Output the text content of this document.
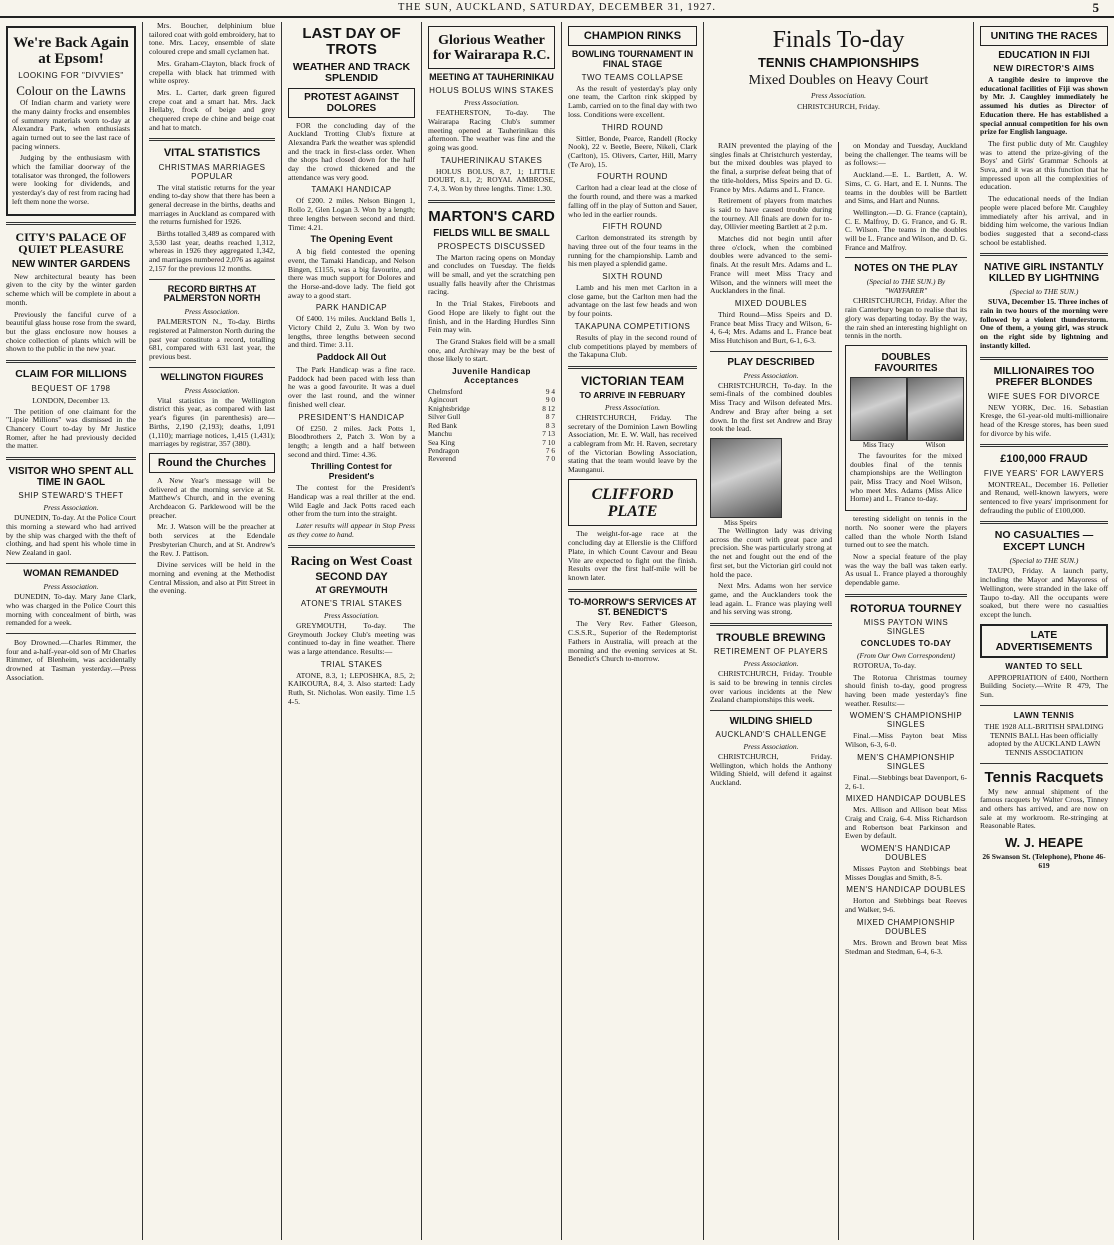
THE SUN, AUCKLAND, SATURDAY, DECEMBER 31, 1927.	5
We're Back Again at Epsom!
LOOKING FOR "DIVVIES"
Colour on the Lawns

Of Indian charm and variety were the many dainty frocks and ensembles of summery materials worn to-day at Alexandra Park, when enthusiasts again turned out to see the last race of pacing winners.

Judging by the enthusiasm with which the familiar doorway of the totalisator was thronged, the followers were looking for dividends, and yesterday's day of rest from racing had left them none the worse.

CITY'S PALACE OF QUIET PLEASURE
NEW WINTER GARDENS

New architectural beauty has been given to the city by the winter garden scheme which will be complete in about a month.

Previously the fanciful curve of a beautiful glass house rose from the sward, but the glass enclosure now houses a choice collection of plants which will be shown to the public in the new year.

CLAIM FOR MILLIONS
BEQUEST OF 1798
LONDON, December 13.

The petition of one claimant for the "Lipsie Millions" was dismissed in the Chancery Court to-day by Mr Justice Romer, after he had previously decided the matter.

VISITOR WHO SPENT ALL TIME IN GAOL
SHIP STEWARD'S THEFT
Press Association.

DUNEDIN, To-day. At the Police Court this morning a steward who had arrived by the ship was charged with the theft of clothing, and had spent his whole time in New Zealand in gaol.

WOMAN REMANDED
Press Association.

DUNEDIN, To-day. Mary Jane Clark, who was charged in the Police Court this morning with concealment of birth, was remanded for a week.

Boy Drowned.—Charles Rimmer, the four and a-half-year-old son of Mr Charles Rimmer, of Blenheim, was accidentally drowned at Tasman yesterday.—Press Association.

Mrs. Boucher, delphinium blue tailored coat with gold embroidery, hat to tone. Mrs. Lacey, ensemble of slate coloured crepe and small cyclamen hat.

Mrs. Graham-Clayton, black frock of crepella with black hat trimmed with white osprey.

Mrs. L. Carter, dark green figured crepe coat and a smart hat. Mrs. Jack Hellaby, frock of beige and grey chequered crepe de chine and beige coat and hat to match.

VITAL STATISTICS
CHRISTMAS MARRIAGES POPULAR

The vital statistic returns for the year ending to-day show that there has been a general decrease in the births, deaths and marriages in Auckland as compared with the returns furnished for 1926.

Births totalled 3,489 as compared with 3,530 last year, deaths reached 1,312, whereas in 1926 they aggregated 1,342, and marriages numbered 2,076 as against 2,157 for the previous 12 months.

RECORD BIRTHS AT PALMERSTON NORTH
Press Association.

PALMERSTON N., To-day. Births registered at Palmerston North during the past year constitute a record, totalling 681, compared with 631 last year, the previous best.

WELLINGTON FIGURES
Press Association.

Vital statistics in the Wellington district this year, as compared with last year's figures (in parenthesis) are—Births, 2,190 (2,193); deaths, 1,091 (1,110); marriage notices, 1,415 (1,431); marriages by registrar, 357 (380).

Round the Churches

A New Year's message will be delivered at the morning service at St. Matthew's Church, and in the evening Archdeacon G. Parklewood will be the preacher.

Mr. J. Watson will be the preacher at both services at the Edendale Presbyterian Church, and at St. Andrew's the Rev. J. Pattison.

Divine services will be held in the morning and evening at the Methodist Central Mission, and also at Pitt Street in the evening.

LAST DAY OF TROTS
WEATHER AND TRACK SPLENDID
PROTEST AGAINST DOLORES

FOR the concluding day of the Auckland Trotting Club's fixture at Alexandra Park the weather was splendid and the track in first-class order. When the shops had closed down for the half day the crowd thickened and the attendance was very good.

TAMAKI HANDICAP

Of £200. 2 miles. Nelson Bingen 1, Rollo 2, Glen Logan 3. Won by a length; three lengths between second and third. Time: 4.21.

The Opening Event

A big field contested the opening event, the Tamaki Handicap, and Nelson Bingen, £1155, was a big favourite, and there was much support for Dolores and the Horse-and-dove lady. The field got away to a good start.

PARK HANDICAP

Of £400. 1½ miles. Auckland Bells 1, Victory Child 2, Zulu 3. Won by two lengths, three lengths between second and third. Time: 3.11.

Paddock All Out

The Park Handicap was a fine race. Paddock had been paced with less than he was a good favourite. It was a duel over the last round, and the winner finished well clear.

PRESIDENT'S HANDICAP

Of £250. 2 miles. Jack Potts 1, Bloodbrothers 2, Patch 3. Won by a length; a length and a half between second and third. Time: 4.36.

Thrilling Contest for President's

The contest for the President's Handicap was a real thriller at the end. Wild Eagle and Jack Potts raced each other from the turn into the straight.

Later results will appear in Stop Press as they come to hand.

Racing on West Coast
SECOND DAY
AT GREYMOUTH
ATONE'S TRIAL STAKES
Press Association.

GREYMOUTH, To-day. The Greymouth Jockey Club's meeting was continued to-day in fine weather. There was a large attendance. Results:—

TRIAL STAKES

ATONE, 8.3, 1; LEPOSHKA, 8.5, 2; KAIKOURA, 8.4, 3. Also started: Lady Ruth, St. Nicholas. Won easily. Time 1.5 4-5.

Glorious Weather for Wairarapa R.C.
MEETING AT TAUHERINIKAU
HOLUS BOLUS WINS STAKES
Press Association.

FEATHERSTON, To-day. The Wairarapa Racing Club's summer meeting opened at Tauherinikau this afternoon. The weather was fine and the going was good.

TAUHERINIKAU STAKES

HOLUS BOLUS, 8.7, 1; LITTLE DOUBT, 8.1, 2; ROYAL AMBROSE, 7.4, 3. Won by three lengths. Time: 1.30.

MARTON'S CARD
FIELDS WILL BE SMALL
PROSPECTS DISCUSSED

The Marton racing opens on Monday and concludes on Tuesday. The fields will be small, and yet the scratching pen usually falls heavily after the Christmas racing.

In the Trial Stakes, Fireboots and Good Hope are likely to fight out the finish, and in the Harding Hurdles Sinn Fein may win.

The Grand Stakes field will be a small one, and Archiway may be the best of those likely to start.

Juvenile Handicap Acceptances
Chelmsford	9 4
Agincourt	9 0
Knightsbridge	8 12
Silver Gull	8 7
Red Bank	8 3
Manchu	7 13
Sea King	7 10
Pendragon	7 6
Reverend	7 0
CHAMPION RINKS
BOWLING TOURNAMENT IN FINAL STAGE
TWO TEAMS COLLAPSE

As the result of yesterday's play only one team, the Carlton rink skipped by Lamb, carried on to the final day with two loss. Conditions were excellent.

THIRD ROUND

Sittler, Bonde, Pearce, Randell (Rocky Nook), 22 v. Beetle, Beere, Nikeli, Clark (Carlton), 15. Olivers, Carter, Hill, Marry (Te Aro), 15.

FOURTH ROUND

Carlton had a clear lead at the close of the fourth round, and there was a marked falling off in the play of Sutton and Sauer, who led in the earlier rounds.

FIFTH ROUND

Carlton demonstrated its strength by having three out of the four teams in the running for the championship. Lamb and his men played a splendid game.

SIXTH ROUND

Lamb and his men met Carlton in a close game, but the Carlton men had the advantage on the last few heads and won by four points.

TAKAPUNA COMPETITIONS

Results of play in the second round of club competitions played by members of the Takapuna Club.

VICTORIAN TEAM
TO ARRIVE IN FEBRUARY
Press Association.

CHRISTCHURCH, Friday. The secretary of the Dominion Lawn Bowling Association, Mr. E. W. Wall, has received a cablegram from Mr. H. Raven, secretary of the Victorian Bowling Association, stating that the team would leave by the Maunganui.

CLIFFORD PLATE

The weight-for-age race at the concluding day at Ellerslie is the Clifford Plate, in which Count Cavour and Beau Vite are expected to fight out the finish. Results over the first half-mile will be known later.

TO-MORROW'S SERVICES AT ST. BENEDICT'S

The Very Rev. Father Gleeson, C.S.S.R., Superior of the Redemptorist Fathers in Australia, will preach at the morning and the evening services at St. Benedict's Church to-morrow.

Finals To-day
TENNIS CHAMPIONSHIPS
Mixed Doubles on Heavy Court
Press Association.
CHRISTCHURCH, Friday.

RAIN prevented the playing of the singles finals at Christchurch yesterday, but the mixed doubles was played to the final, a surprise defeat being that of the title-holders, Miss Speirs and D. G. France by Mrs. Adams and L. France.

Retirement of players from matches is said to have caused trouble during the tourney. All finals are down for to-day, Ollivier meeting Bartlett at 2 p.m.

Matches did not begin until after three o'clock, when the combined doubles were advanced to the semi-finals. At the result Mrs. Adams and L. France will meet Miss Tracy and Wilson, and the winners will meet the Aucklanders in the final.

MIXED DOUBLES

Third Round—Miss Speirs and D. France beat Miss Tracy and Wilson, 6-4, 6-4; Mrs. Adams and L. France beat Miss Hutchison and Burt, 6-1, 6-3.

PLAY DESCRIBED
Press Association.

CHRISTCHURCH, To-day. In the semi-finals of the combined doubles Miss Tracy and Wilson defeated Mrs. Andrew and Bray after being a set down. In the first set Andrew and Bray took the lead.

Miss Speirs

The Wellington lady was driving across the court with great pace and precision. She was particularly strong at the net and fought out the end of the first set, but the Victorian girl could not hold the pace.

Next Mrs. Adams won her service game, and the Aucklanders took the lead again. L. France was playing well and his serving was strong.

TROUBLE BREWING
RETIREMENT OF PLAYERS
Press Association.

CHRISTCHURCH, Friday. Trouble is said to be brewing in tennis circles over various incidents at the New Zealand championships this week.

WILDING SHIELD
AUCKLAND'S CHALLENGE
Press Association.

CHRISTCHURCH, Friday. Wellington, which holds the Anthony Wilding Shield, will defend it against Auckland.

on Monday and Tuesday, Auckland being the challenger. The teams will be as follows:—

Auckland.—E. L. Bartlett, A. W. Sims, C. G. Hart, and E. I. Nunns. The teams in the doubles will be Bartlett and Sims, and Hart and Nunns.

Wellington.—D. G. France (captain), C. E. Malfroy, D. G. France, and G. R. C. Wilson. The teams in the doubles will be L. France and Wilson, and D. G. France and Malfroy.

NOTES ON THE PLAY
(Special to THE SUN.) By "WAYFARER"

CHRISTCHURCH, Friday. After the rain Canterbury began to realise that its glory was departing today. By the way, the rain shed an interesting highlight on tennis in the north.

DOUBLES FAVOURITES
Miss Tracy	Wilson

The favourites for the mixed doubles final of the tennis championships are the Wellington pair, Miss Tracy and Noel Wilson, who meet Mrs. Adams (Miss Alice Horne) and L. France to-day.

teresting sidelight on tennis in the north. No sooner were the players called than the whole North Island turned out to see the match.

Now a special feature of the play was the way the ball was taken early. As usual L. France played a thoroughly dependable game.

ROTORUA TOURNEY
MISS PAYTON WINS SINGLES
CONCLUDES TO-DAY
(From Our Own Correspondent)

ROTORUA, To-day.

The Rotorua Christmas tourney should finish to-day, good progress having been made yesterday's fine weather. Results:—

WOMEN'S CHAMPIONSHIP SINGLES

Final.—Miss Payton beat Miss Wilson, 6-3, 6-0.

MEN'S CHAMPIONSHIP SINGLES

Final.—Stebbings beat Davenport, 6-2, 6-1.

MIXED HANDICAP DOUBLES

Mrs. Allison and Allison beat Miss Craig and Craig, 6-4. Miss Richardson and Robertson beat Parkinson and Ewen by default.

WOMEN'S HANDICAP DOUBLES

Misses Payton and Stebbings beat Misses Douglas and Smith, 8-5.

MEN'S HANDICAP DOUBLES

Horton and Stebbings beat Reeves and Walker, 9-6.

MIXED CHAMPIONSHIP DOUBLES

Mrs. Brown and Brown beat Miss Stedman and Stedman, 6-4, 6-3.

UNITING THE RACES
EDUCATION IN FIJI
NEW DIRECTOR'S AIMS

A tangible desire to improve the educational facilities of Fiji was shown by Mr. J. Caughley immediately he assumed his duties as Director of Education there. He has established a special annual competition for his own prize for English language.

The first public duty of Mr. Caughley was to attend the prize-giving of the Boys' and Girls' Grammar Schools at Suva, and it was at this function that he impressed upon all the complexities of education.

The educational needs of the Indian people were placed before Mr. Caughley immediately after his arrival, and in bidding him welcome, the various Indian bodies suggested that a second-class school be established.

NATIVE GIRL INSTANTLY KILLED BY LIGHTNING
(Special to THE SUN.)

SUVA, December 15. Three inches of rain in two hours of the morning were followed by a violent thunderstorm. One of them, a young girl, was struck on the right side by lightning and instantly killed.

MILLIONAIRES TOO PREFER BLONDES
WIFE SUES FOR DIVORCE

NEW YORK, Dec. 16. Sebastian Kresge, the 61-year-old multi-millionaire head of the Kresge stores, has been sued for divorce by his wife.

£100,000 FRAUD
FIVE YEARS' FOR LAWYERS

MONTREAL, December 16. Pelletier and Renaud, well-known lawyers, were sentenced to five years' imprisonment for defrauding the public of £100,000.

NO CASUALTIES —EXCEPT LUNCH
(Special to THE SUN.)

TAUPO, Friday. A launch party, including the Mayor and Mayoress of Wellington, were stranded in the lake off Taupo to-day. All the occupants were soaked, but there were no casualties except the lunch.

LATE ADVERTISEMENTS
WANTED TO SELL

APPROPRIATION of £400, Northern Building Society.—Write R 479, The Sun.

LAWN TENNIS

THE 1928 ALL-BRITISH SPALDING TENNIS BALL Has been officially adopted by the AUCKLAND LAWN TENNIS ASSOCIATION

Tennis Racquets

My new annual shipment of the famous racquets by Walter Cross, Tinney and others has arrived, and are now on sale at my workroom. Re-stringing at Reasonable Rates.

W. J. HEAPE
26 Swanson St. (Telephone), Phone 46-619
